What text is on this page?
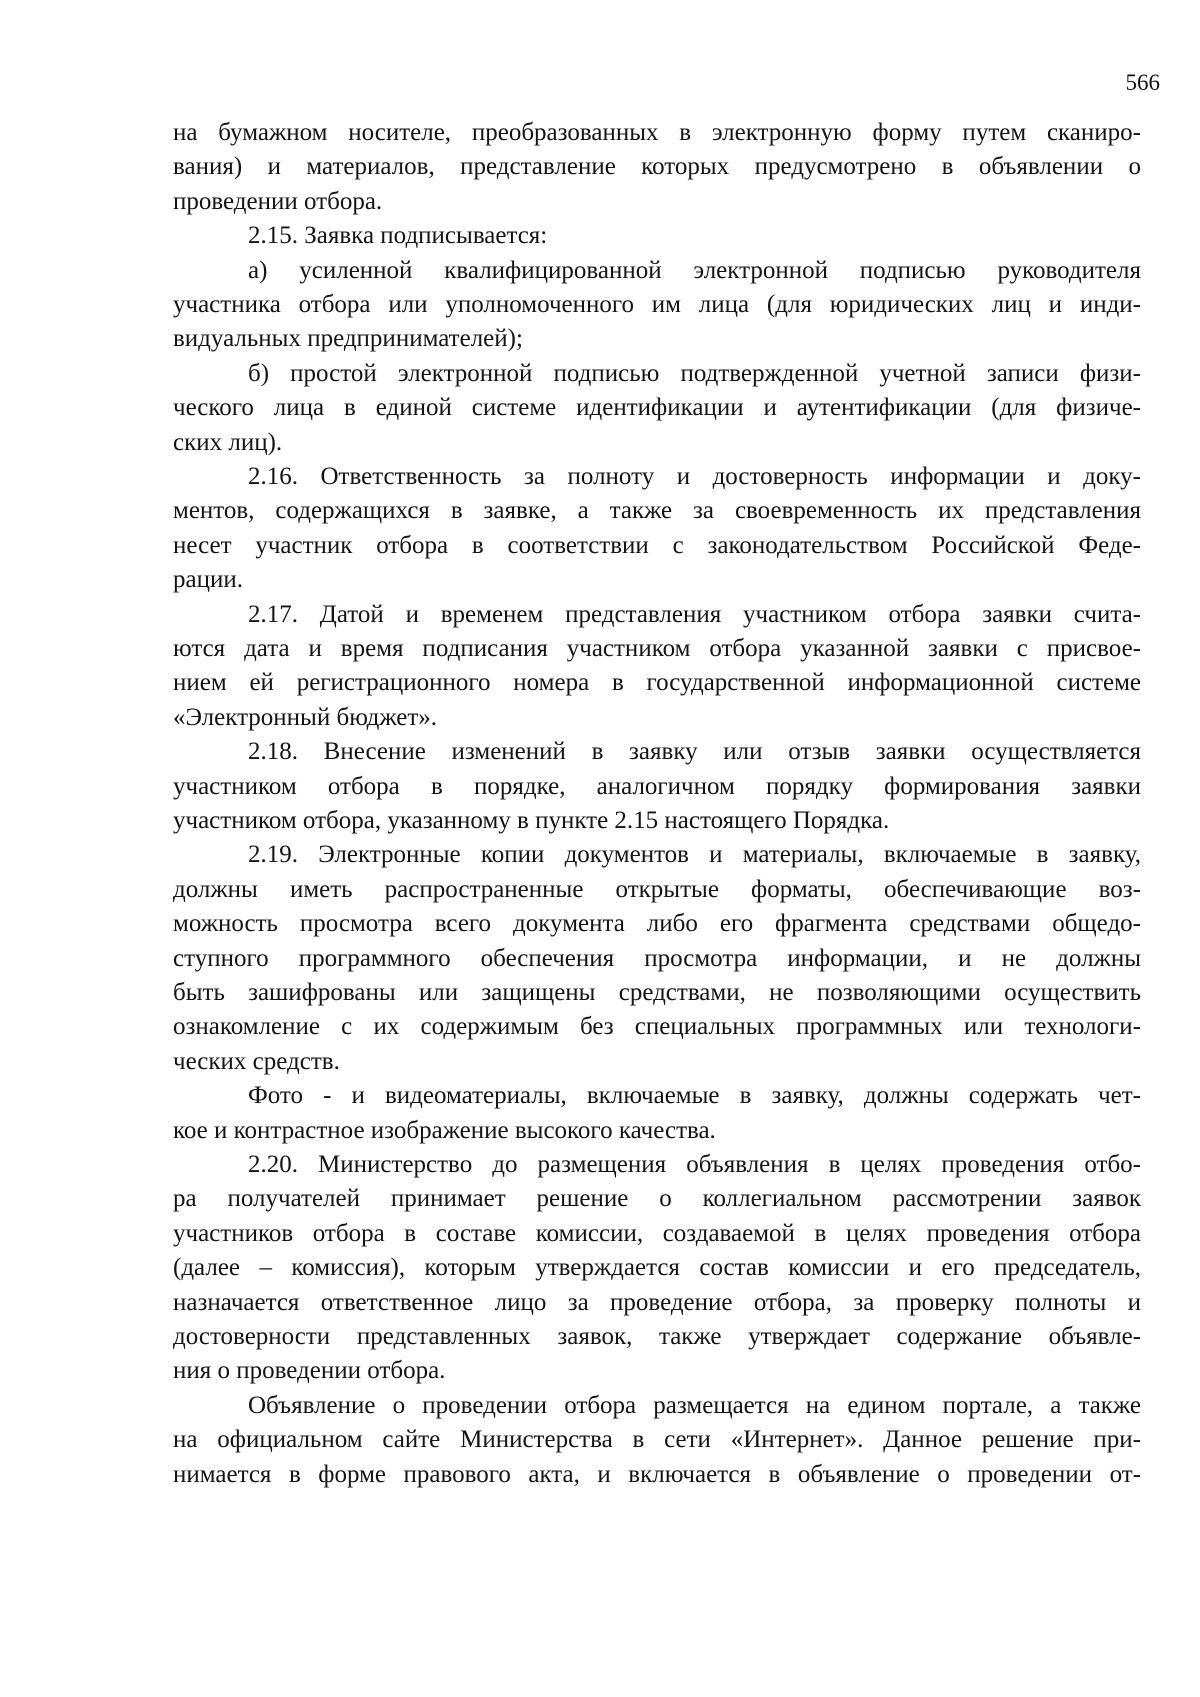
566
на бумажном носителе, преобразованных в электронную форму путем сканиро-
вания) и материалов, представление которых предусмотрено в объявлении о
проведении отбора.
2.15. Заявка подписывается:
а) усиленной квалифицированной электронной подписью руководителя
участника отбора или уполномоченного им лица (для юридических лиц и инди-
видуальных предпринимателей);
б) простой электронной подписью подтвержденной учетной записи физи-
ческого лица в единой системе идентификации и аутентификации (для физиче-
ских лиц).
2.16. Ответственность за полноту и достоверность информации и доку-
ментов, содержащихся в заявке, а также за своевременность их представления
несет участник отбора в соответствии с законодательством Российской Феде-
рации.
2.17. Датой и временем представления участником отбора заявки счита-
ются дата и время подписания участником отбора указанной заявки с присвое-
нием ей регистрационного номера в государственной информационной системе
«Электронный бюджет».
2.18. Внесение изменений в заявку или отзыв заявки осуществляется
участником отбора в порядке, аналогичном порядку формирования заявки
участником отбора, указанному в пункте 2.15 настоящего Порядка.
2.19. Электронные копии документов и материалы, включаемые в заявку,
должны иметь распространенные открытые форматы, обеспечивающие воз-
можность просмотра всего документа либо его фрагмента средствами общедо-
ступного программного обеспечения просмотра информации, и не должны
быть зашифрованы или защищены средствами, не позволяющими осуществить
ознакомление с их содержимым без специальных программных или технологи-
ческих средств.
Фото - и видеоматериалы, включаемые в заявку, должны содержать чет-
кое и контрастное изображение высокого качества.
2.20. Министерство до размещения объявления в целях проведения отбо-
ра получателей принимает решение о коллегиальном рассмотрении заявок
участников отбора в составе комиссии, создаваемой в целях проведения отбора
(далее – комиссия), которым утверждается состав комиссии и его председатель,
назначается ответственное лицо за проведение отбора, за проверку полноты и
достоверности представленных заявок, также утверждает содержание объявле-
ния о проведении отбора.
Объявление о проведении отбора размещается на едином портале, а также
на официальном сайте Министерства в сети «Интернет». Данное решение при-
нимается в форме правового акта, и включается в объявление о проведении от-
